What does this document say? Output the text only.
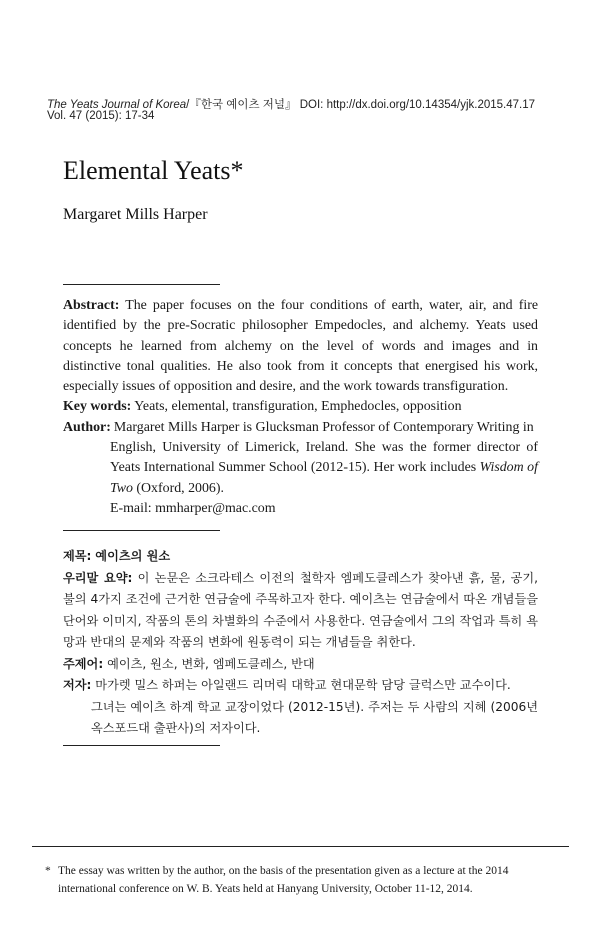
The Yeats Journal of Korea/『한국 예이츠 저널』 DOI: http://dx.doi.org/10.14354/yjk.2015.47.17
Vol. 47 (2015): 17-34
Elemental Yeats*
Margaret Mills Harper

Abstract: The paper focuses on the four conditions of earth, water, air, and fire identified by the pre-Socratic philosopher Empedocles, and alchemy. Yeats used concepts he learned from alchemy on the level of words and images and in distinctive tonal qualities. He also took from it concepts that energised his work, especially issues of opposition and desire, and the work towards transfiguration.

Key words: Yeats, elemental, transfiguration, Emphedocles, opposition

Author: Margaret Mills Harper is Glucksman Professor of Contemporary Writing in

English, University of Limerick, Ireland. She was the former director of Yeats International Summer School (2012-15). Her work includes Wisdom of Two (Oxford, 2006).

E-mail: mmharper@mac.com

제목: 예이츠의 원소

우리말 요약: 이 논문은 소크라테스 이전의 철학자 엠페도클레스가 찾아낸 흙, 물, 공기, 불의 4가지 조건에 근거한 연금술에 주목하고자 한다. 예이츠는 연금술에서 따온 개념들을 단어와 이미지, 작품의 톤의 차별화의 수준에서 사용한다. 연금술에서 그의 작업과 특히 욕망과 반대의 문제와 작품의 변화에 원동력이 되는 개념들을 취한다.

주제어: 예이츠, 원소, 변화, 엠페도클레스, 반대

저자: 마가렛 밀스 하퍼는 아일랜드 리머릭 대학교 현대문학 담당 글럭스만 교수이다.

그녀는 예이츠 하계 학교 교장이었다 (2012-15년). 주저는 두 사람의 지혜 (2006년 옥스포드대 출판사)의 저자이다.

* The essay was written by the author, on the basis of the presentation given as a lecture at the 2014 international conference on W. B. Yeats held at Hanyang University, October 11-12, 2014.
